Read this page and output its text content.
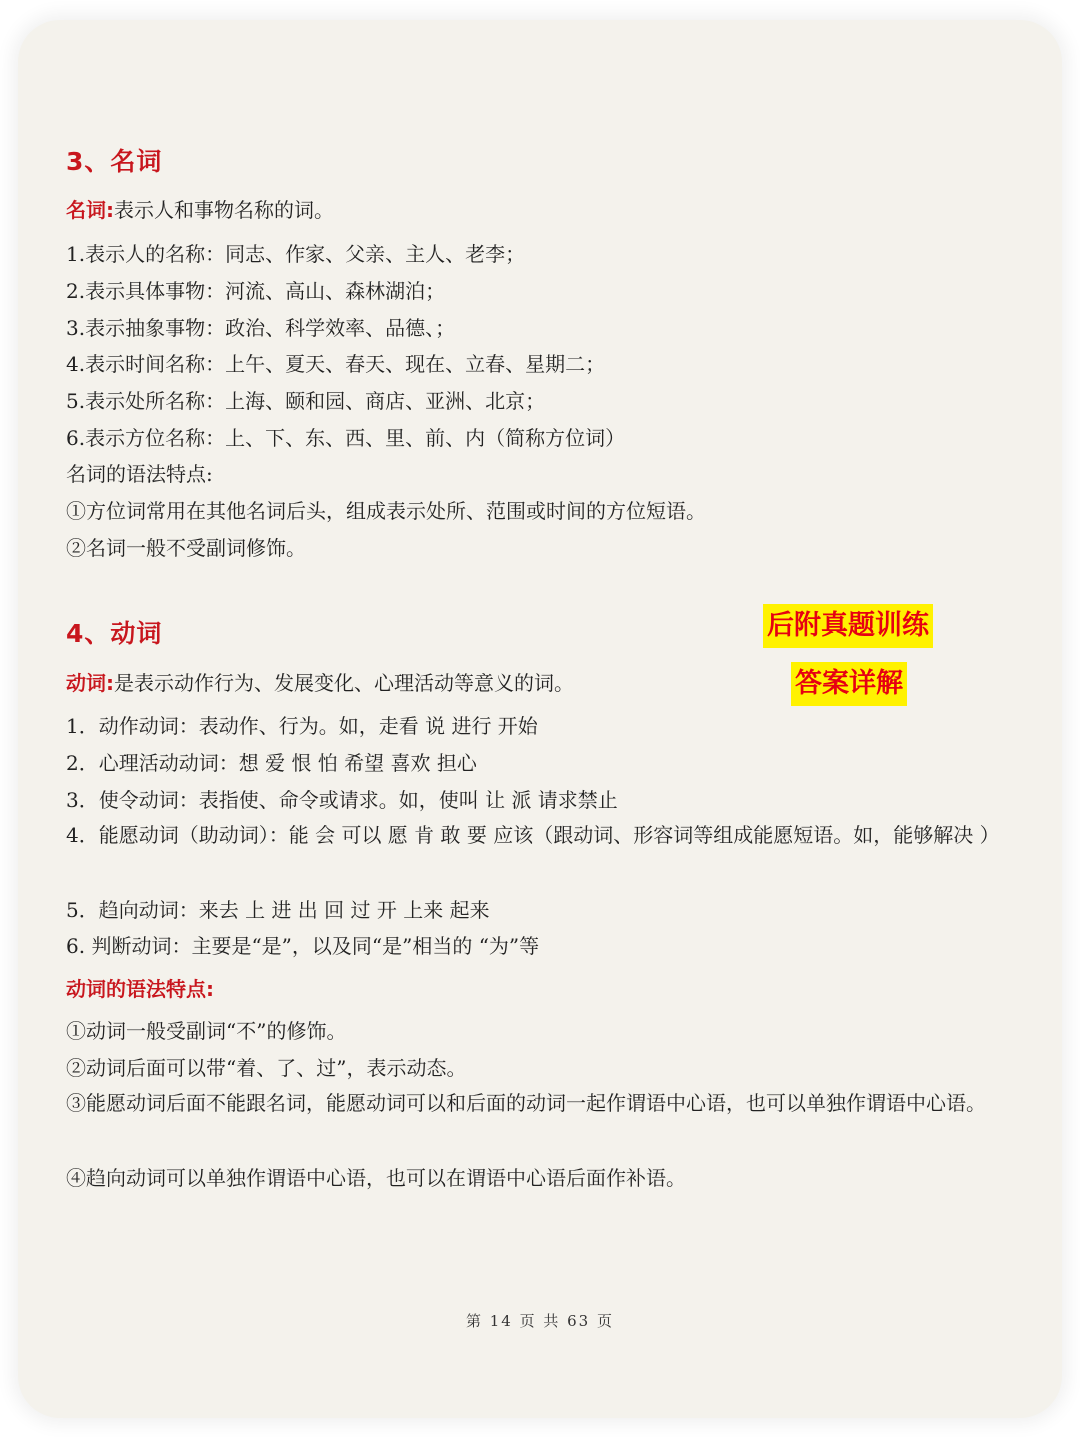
3、名词

名词:表示人和事物名称的词。

1.表示人的名称：同志、作家、父亲、主人、老李；

2.表示具体事物：河流、高山、森林湖泊；

3.表示抽象事物：政治、科学效率、品德、；

4.表示时间名称：上午、夏天、春天、现在、立春、星期二；

5.表示处所名称：上海、颐和园、商店、亚洲、北京；

6.表示方位名称：上、下、东、西、里、前、内（简称方位词）

名词的语法特点:

①方位词常用在其他名词后头，组成表示处所、范围或时间的方位短语。

②名词一般不受副词修饰。

4、动词

动词:是表示动作行为、发展变化、心理活动等意义的词。

1．动作动词：表动作、行为。如，走看 说 进行 开始

2．心理活动动词：想 爱 恨 怕 希望 喜欢 担心

3．使令动词：表指使、命令或请求。如，使叫 让 派 请求禁止

4．能愿动词（助动词）：能 会 可以 愿 肯 敢 要 应该（跟动词、形容词等组成能愿短语。如，能够解决 ）

5．趋向动词：来去 上 进 出 回 过 开 上来 起来

6. 判断动词：主要是“是”，以及同“是”相当的 “为”等

动词的语法特点:

①动词一般受副词“不”的修饰。

②动词后面可以带“着、了、过”，表示动态。

③能愿动词后面不能跟名词，能愿动词可以和后面的动词一起作谓语中心语，也可以单独作谓语中心语。

④趋向动词可以单独作谓语中心语，也可以在谓语中心语后面作补语。

后附真题训练
答案详解
第 14 页 共 63 页
